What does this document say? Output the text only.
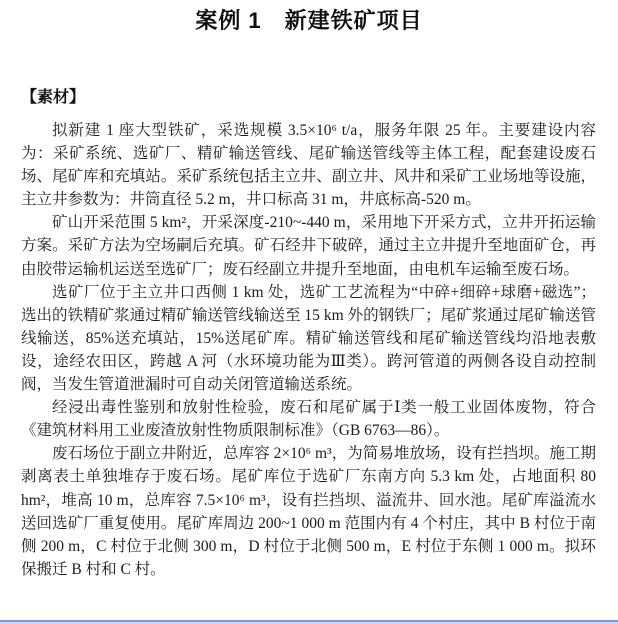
案例 1　新建铁矿项目
【素材】

拟新建 1 座大型铁矿，采选规模 3.5×10⁶ t/a，服务年限 25 年。主要建设内容为：采矿系统、选矿厂、精矿输送管线、尾矿输送管线等主体工程，配套建设废石场、尾矿库和充填站。采矿系统包括主立井、副立井、风井和采矿工业场地等设施，主立井参数为：井筒直径 5.2 m，井口标高 31 m，井底标高-520 m。

矿山开采范围 5 km²，开采深度-210~-440 m，采用地下开采方式，立井开拓运输方案。采矿方法为空场嗣后充填。矿石经井下破碎，通过主立井提升至地面矿仓，再由胶带运输机运送至选矿厂；废石经副立井提升至地面，由电机车运输至废石场。

选矿厂位于主立井口西侧 1 km 处，选矿工艺流程为“中碎+细碎+球磨+磁选”；选出的铁精矿浆通过精矿输送管线输送至 15 km 外的钢铁厂；尾矿浆通过尾矿输送管线输送，85%送充填站，15%送尾矿库。精矿输送管线和尾矿输送管线均沿地表敷设，途经农田区，跨越 A 河（水环境功能为Ⅲ类）。跨河管道的两侧各设自动控制阀，当发生管道泄漏时可自动关闭管道输送系统。

经浸出毒性鉴别和放射性检验，废石和尾矿属于Ⅰ类一般工业固体废物，符合《建筑材料用工业废渣放射性物质限制标准》（GB 6763—86）。

废石场位于副立井附近，总库容 2×10⁶ m³，为简易堆放场，设有拦挡坝。施工期剥离表土单独堆存于废石场。尾矿库位于选矿厂东南方向 5.3 km 处，占地面积 80 hm²，堆高 10 m，总库容 7.5×10⁶ m³，设有拦挡坝、溢流井、回水池。尾矿库溢流水送回选矿厂重复使用。尾矿库周边 200~1 000 m 范围内有 4 个村庄，其中 B 村位于南侧 200 m，C 村位于北侧 300 m，D 村位于北侧 500 m，E 村位于东侧 1 000 m。拟环保搬迁 B 村和 C 村。
